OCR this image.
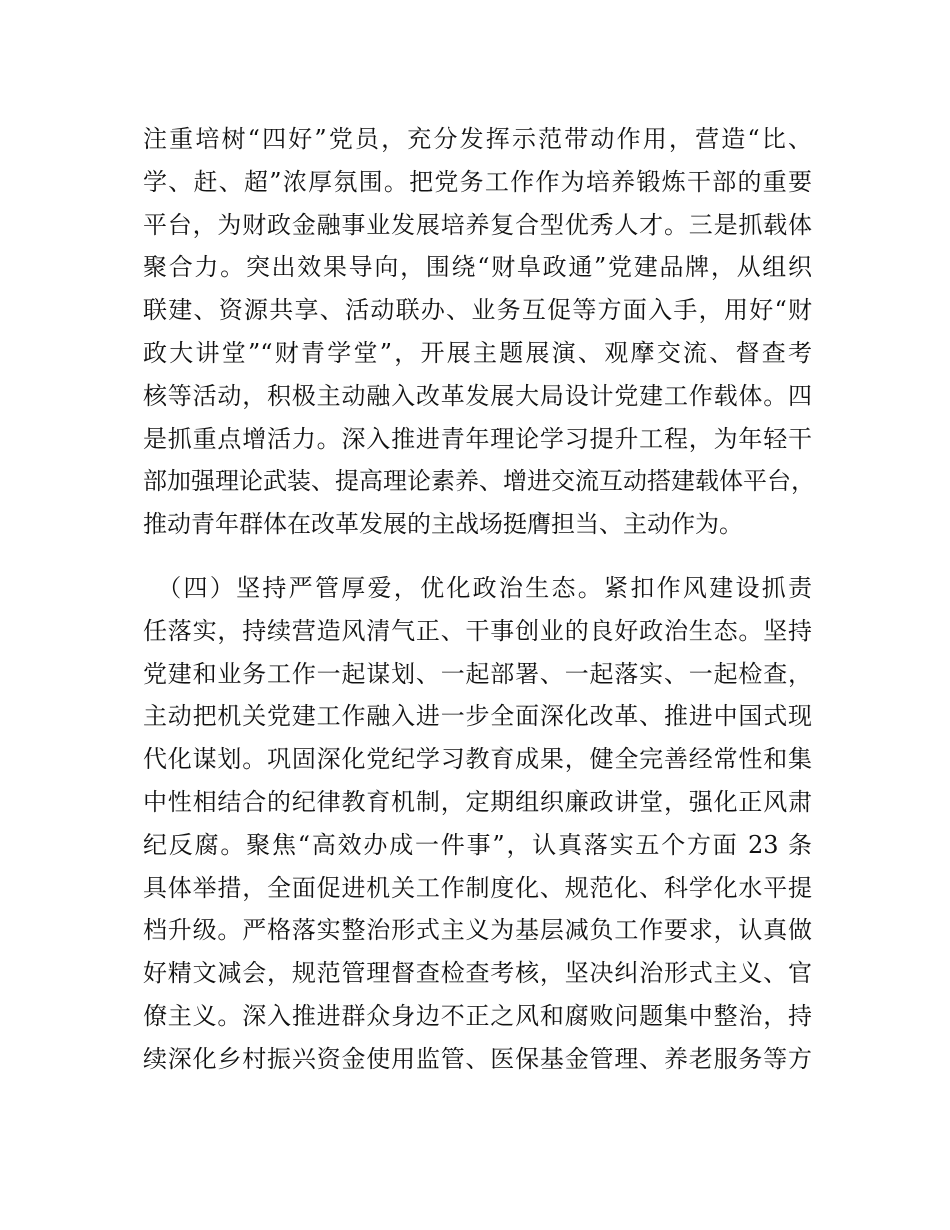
注重培树“四好”党员，充分发挥示范带动作用，营造“比、
学、赶、超”浓厚氛围。把党务工作作为培养锻炼干部的重要
平台，为财政金融事业发展培养复合型优秀人才。三是抓载体
聚合力。突出效果导向，围绕“财阜政通”党建品牌，从组织
联建、资源共享、活动联办、业务互促等方面入手，用好“财
政大讲堂”“财青学堂”，开展主题展演、观摩交流、督查考
核等活动，积极主动融入改革发展大局设计党建工作载体。四
是抓重点增活力。深入推进青年理论学习提升工程，为年轻干
部加强理论武装、提高理论素养、增进交流互动搭建载体平台，
推动青年群体在改革发展的主战场挺膺担当、主动作为。
　（四）坚持严管厚爱，优化政治生态。紧扣作风建设抓责
任落实，持续营造风清气正、干事创业的良好政治生态。坚持
党建和业务工作一起谋划、一起部署、一起落实、一起检查，
主动把机关党建工作融入进一步全面深化改革、推进中国式现
代化谋划。巩固深化党纪学习教育成果，健全完善经常性和集
中性相结合的纪律教育机制，定期组织廉政讲堂，强化正风肃
纪反腐。聚焦“高效办成一件事”，认真落实五个方面 23 条
具体举措，全面促进机关工作制度化、规范化、科学化水平提
档升级。严格落实整治形式主义为基层减负工作要求，认真做
好精文减会，规范管理督查检查考核，坚决纠治形式主义、官
僚主义。深入推进群众身边不正之风和腐败问题集中整治，持
续深化乡村振兴资金使用监管、医保基金管理、养老服务等方
